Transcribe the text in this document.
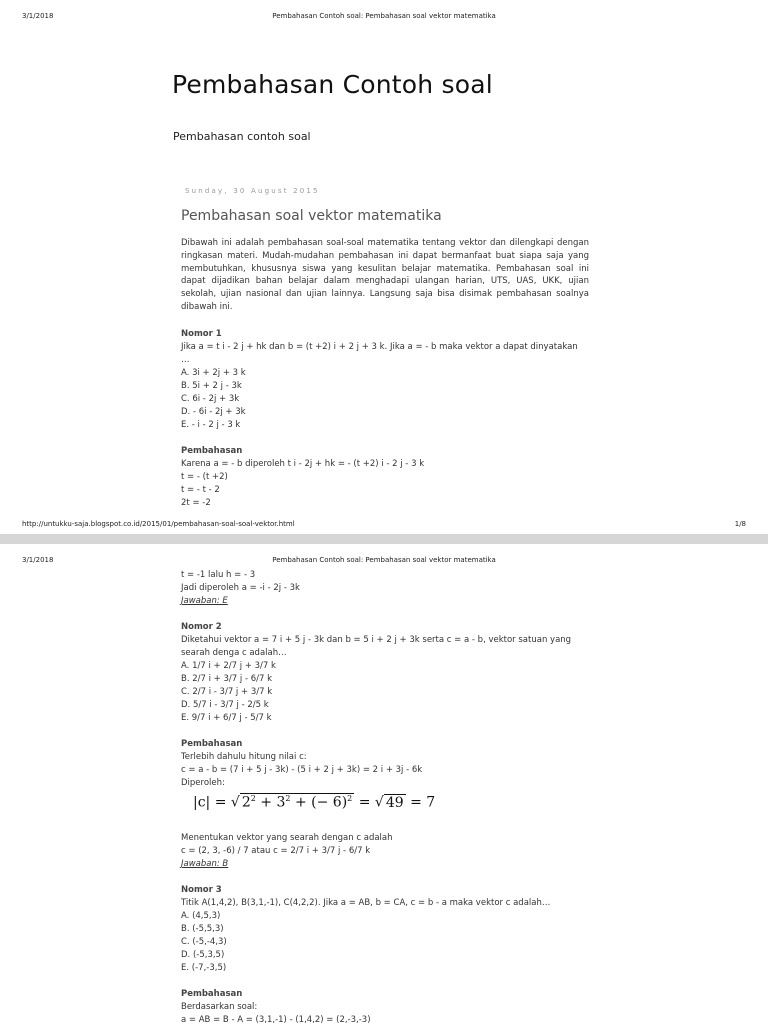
3/1/2018	Pembahasan Contoh soal: Pembahasan soal vektor matematika
Pembahasan Contoh soal
Pembahasan contoh soal
Sunday, 30 August 2015
Pembahasan soal vektor matematika
Dibawah ini adalah pembahasan soal-soal matematika tentang vektor dan dilengkapi dengan ringkasan materi. Mudah-mudahan pembahasan ini dapat bermanfaat buat siapa saja yang membutuhkan, khususnya siswa yang kesulitan belajar matematika. Pembahasan soal ini dapat dijadikan bahan belajar dalam menghadapi ulangan harian, UTS, UAS, UKK, ujian sekolah, ujian nasional dan ujian lainnya. Langsung saja bisa disimak pembahasan soalnya dibawah ini.
Nomor 1
Jika a = t i - 2 j + hk dan b = (t +2) i + 2 j + 3 k. Jika a = - b maka vektor a dapat dinyatakan
…
A. 3i + 2j + 3 k
B. 5i + 2 j - 3k
C. 6i - 2j + 3k
D. - 6i - 2j + 3k
E. - i - 2 j - 3 k
Pembahasan
Karena a = - b diperoleh t i - 2j + hk = - (t +2) i - 2 j - 3 k
t = - (t +2)
t = - t - 2
2t = -2
http://untukku-saja.blogspot.co.id/2015/01/pembahasan-soal-soal-vektor.html	1/8
3/1/2018	Pembahasan Contoh soal: Pembahasan soal vektor matematika
t = -1 lalu h = - 3
Jadi diperoleh a = -i - 2j - 3k
Jawaban: E
Nomor 2
Diketahui vektor a = 7 i + 5 j - 3k dan b = 5 i + 2 j + 3k serta c = a - b, vektor satuan yang
searah denga c adalah…
A. 1/7 i + 2/7 j + 3/7 k
B. 2/7 i + 3/7 j - 6/7 k
C. 2/7 i - 3/7 j + 3/7 k
D. 5/7 i - 3/7 j - 2/5 k
E. 9/7 i + 6/7 j - 5/7 k
Pembahasan
Terlebih dahulu hitung nilai c:
c = a - b = (7 i + 5 j - 3k) - (5 i + 2 j + 3k) = 2 i + 3j - 6k
Diperoleh:
|c| = √ $2^2 + 3^2$ + (− 6)$^2$ = √ 49 = 7
Menentukan vektor yang searah dengan c adalah
c = (2, 3, -6) / 7 atau c = 2/7 i + 3/7 j - 6/7 k
Jawaban: B
Nomor 3
Titik A(1,4,2), B(3,1,-1), C(4,2,2). Jika a = AB, b = CA, c = b - a maka vektor c adalah…
A. (4,5,3)
B. (-5,5,3)
C. (-5,-4,3)
D. (-5,3,5)
E. (-7,-3,5)
Pembahasan
Berdasarkan soal:
a = AB = B - A = (3,1,-1) - (1,4,2) = (2,-3,-3)
